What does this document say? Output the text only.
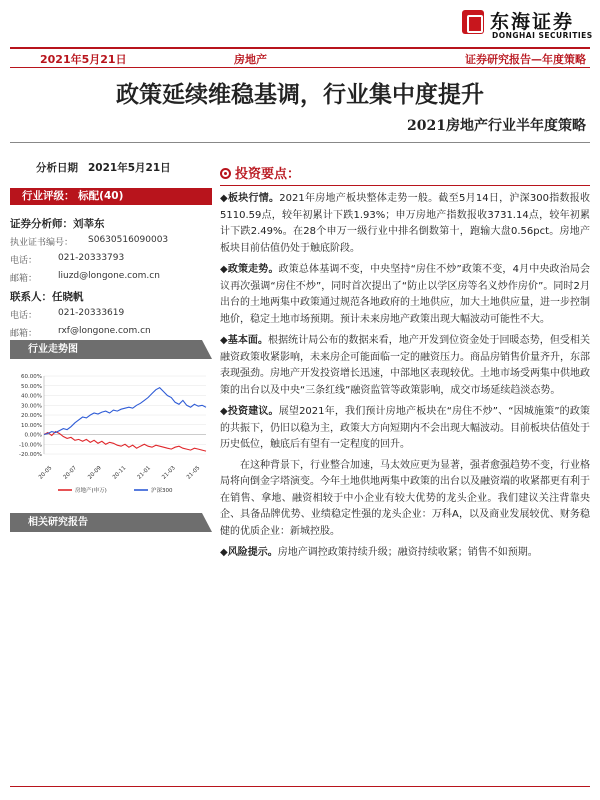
东海证券
DONGHAI SECURITIES
2021年5月21日	房地产	证券研究报告—年度策略
政策延续维稳基调，行业集中度提升
2021房地产行业半年度策略
分析日期 2021年5月21日
行业评级： 标配(40)
证券分析师：刘莘东
执业证书编号：	S0630516090003
电话：	021-20333793
邮箱：	liuzd@longone.com.cn
联系人：任晓帆
电话：	021-20333619
邮箱：	rxf@longone.com.cn
行业走势图
60.00%
50.00%
40.00%
30.00%
20.00%
10.00%
0.00%
-10.00%
-20.00%
20-05 20-07 20-09 20-11 21-01 21-03 21-05
房地产(申万)	沪深300
相关研究报告
投资要点：
◆板块行情。2021年房地产板块整体走势一般。截至5月14日，沪深300指数报收5110.59点，较年初累计下跌1.93%；申万房地产指数报收3731.14点，较年初累计下跌2.49%。在28个申万一级行业中排名倒数第十，跑输大盘0.56pct。房地产板块目前估值仍处于触底阶段。
◆政策走势。政策总体基调不变，中央坚持“房住不炒”政策不变，4月中央政治局会议再次强调“房住不炒”，同时首次提出了“防止以学区房等名义炒作房价”。同时2月出台的土地两集中政策通过规范各地政府的土地供应，加大土地供应量，进一步控制地价，稳定土地市场预期。预计未来房地产政策出现大幅波动可能性不大。
◆基本面。根据统计局公布的数据来看，地产开发到位资金处于回暖态势，但受相关融资政策收紧影响，未来房企可能面临一定的融资压力。商品房销售价量齐升，东部表现强劲。房地产开发投资增长迅速，中部地区表现较优。土地市场受两集中供地政策的出台以及中央“三条红线”融资监管等政策影响，成交市场延续趋淡态势。
◆投资建议。展望2021年，我们预计房地产板块在“房住不炒”、“因城施策”的政策的共振下，仍旧以稳为主，政策大方向短期内不会出现大幅波动。目前板块估值处于历史低位，触底后有望有一定程度的回升。
在这种背景下，行业整合加速，马太效应更为显著，强者愈强趋势不变，行业格局将向倒金字塔演变。今年土地供地两集中政策的出台以及融资端的收紧都更有利于在销售、拿地、融资相较于中小企业有较大优势的龙头企业。我们建议关注背靠央企、具备品牌优势、业绩稳定性强的龙头企业：万科A，以及商业发展较优、财务稳健的优质企业：新城控股。
◆风险提示。房地产调控政策持续升级；融资持续收紧；销售不如预期。
